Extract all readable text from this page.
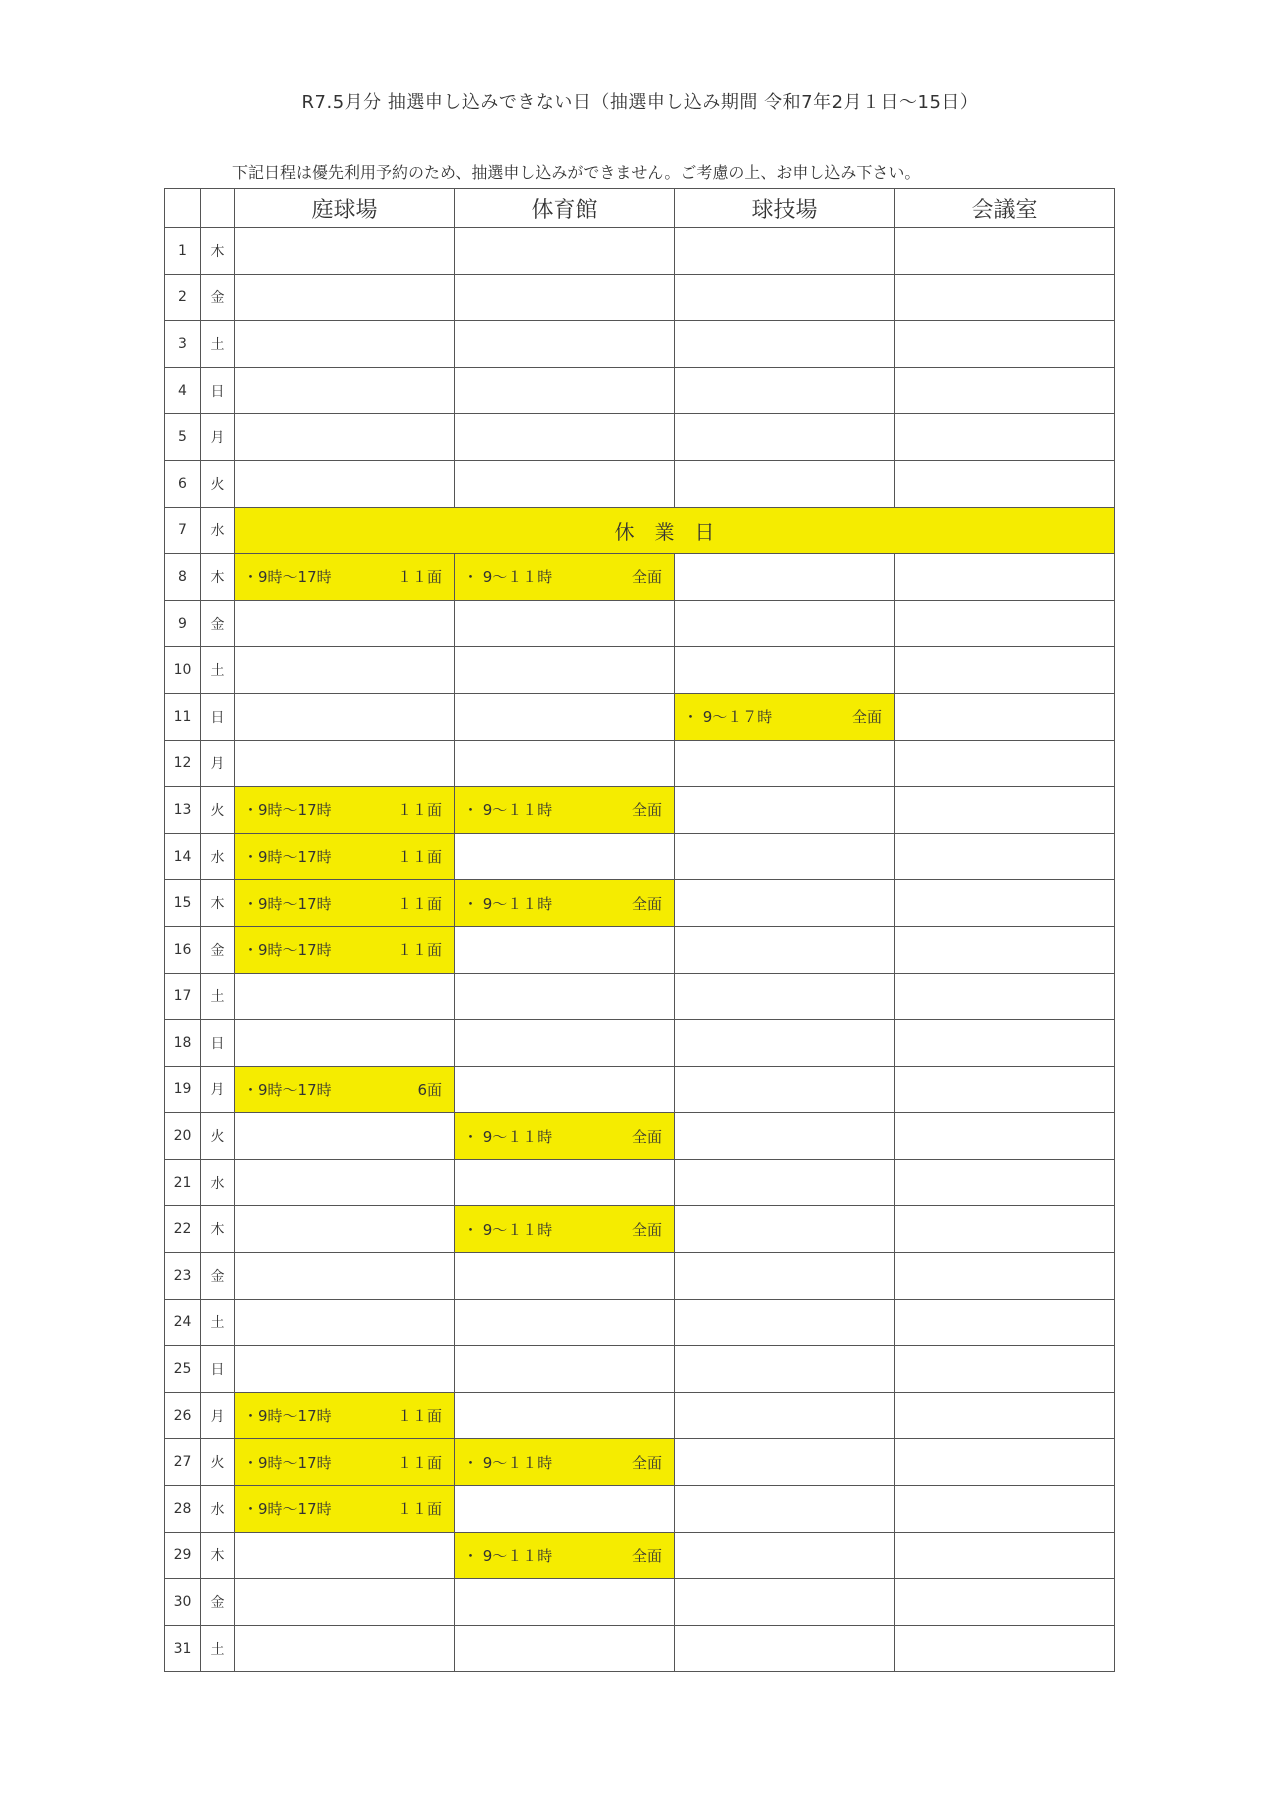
R7.5月分 抽選申し込みできない日（抽選申し込み期間 令和7年2月１日～15日）
下記日程は優先利用予約のため、抽選申し込みができません。ご考慮の上、お申し込み下さい。
		庭球場	体育館	球技場	会議室
1	木				
2	金				
3	土				
4	日				
5	月				
6	火				
7	水	休業日			
8	木	・9時～17時 １１面	・ 9～１１時 全面		

9	金				
10	土				
11	日			・ 9～１７時 全面	

12	月				
13	火	・9時～17時 １１面	・ 9～１１時 全面		

14	水	・9時～17時 １１面			

15	木	・9時～17時 １１面	・ 9～１１時 全面		

16	金	・9時～17時 １１面			

17	土				
18	日				
19	月	・9時～17時 6面			

20	火		・ 9～１１時 全面		

21	水				
22	木		・ 9～１１時 全面		

23	金				
24	土				
25	日				
26	月	・9時～17時 １１面			

27	火	・9時～17時 １１面	・ 9～１１時 全面		

28	水	・9時～17時 １１面			

29	木		・ 9～１１時 全面		

30	金				
31	土				
